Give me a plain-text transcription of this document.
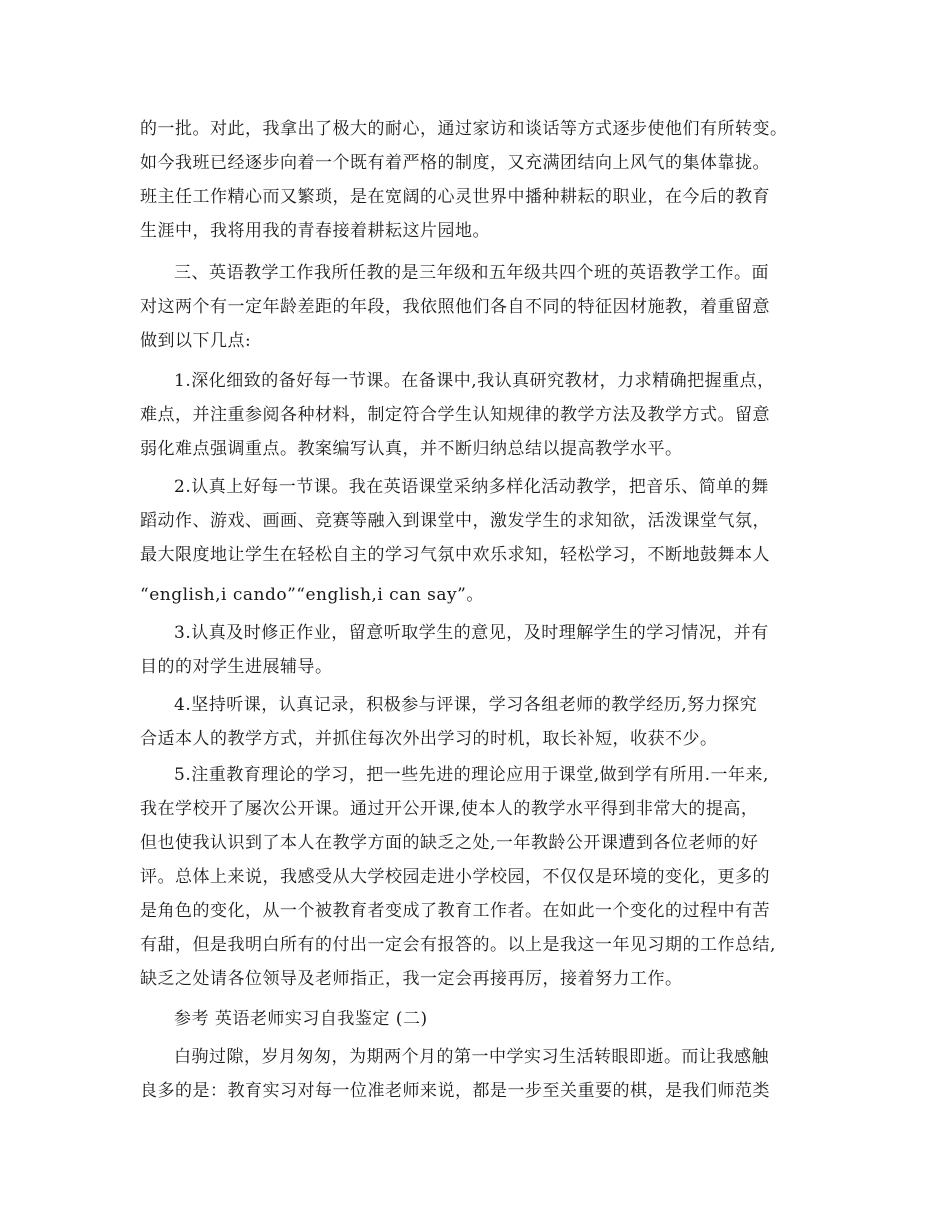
的一批。对此，我拿出了极大的耐心，通过家访和谈话等方式逐步使他们有所转变。
如今我班已经逐步向着一个既有着严格的制度，又充满团结向上风气的集体靠拢。
班主任工作精心而又繁琐，是在宽阔的心灵世界中播种耕耘的职业，在今后的教育
生涯中，我将用我的青春接着耕耘这片园地。
三、英语教学工作我所任教的是三年级和五年级共四个班的英语教学工作。面
对这两个有一定年龄差距的年段，我依照他们各自不同的特征因材施教，着重留意
做到以下几点:
1.深化细致的备好每一节课。在备课中,我认真研究教材，力求精确把握重点，
难点，并注重参阅各种材料，制定符合学生认知规律的教学方法及教学方式。留意
弱化难点强调重点。教案编写认真，并不断归纳总结以提高教学水平。
2.认真上好每一节课。我在英语课堂采纳多样化活动教学，把音乐、简单的舞
蹈动作、游戏、画画、竞赛等融入到课堂中，激发学生的求知欲，活泼课堂气氛，
最大限度地让学生在轻松自主的学习气氛中欢乐求知，轻松学习，不断地鼓舞本人
“english,i cando”“english,i can say”。
3.认真及时修正作业，留意听取学生的意见，及时理解学生的学习情况，并有
目的的对学生进展辅导。
4.坚持听课，认真记录，积极参与评课，学习各组老师的教学经历,努力探究
合适本人的教学方式，并抓住每次外出学习的时机，取长补短，收获不少。
5.注重教育理论的学习，把一些先进的理论应用于课堂,做到学有所用.一年来,
我在学校开了屡次公开课。通过开公开课,使本人的教学水平得到非常大的提高，
但也使我认识到了本人在教学方面的缺乏之处,一年教龄公开课遭到各位老师的好
评。总体上来说，我感受从大学校园走进小学校园，不仅仅是环境的变化，更多的
是角色的变化，从一个被教育者变成了教育工作者。在如此一个变化的过程中有苦
有甜，但是我明白所有的付出一定会有报答的。以上是我这一年见习期的工作总结,
缺乏之处请各位领导及老师指正，我一定会再接再厉，接着努力工作。
参考 英语老师实习自我鉴定 (二)
白驹过隙，岁月匆匆，为期两个月的第一中学实习生活转眼即逝。而让我感触
良多的是：教育实习对每一位准老师来说，都是一步至关重要的棋，是我们师范类
